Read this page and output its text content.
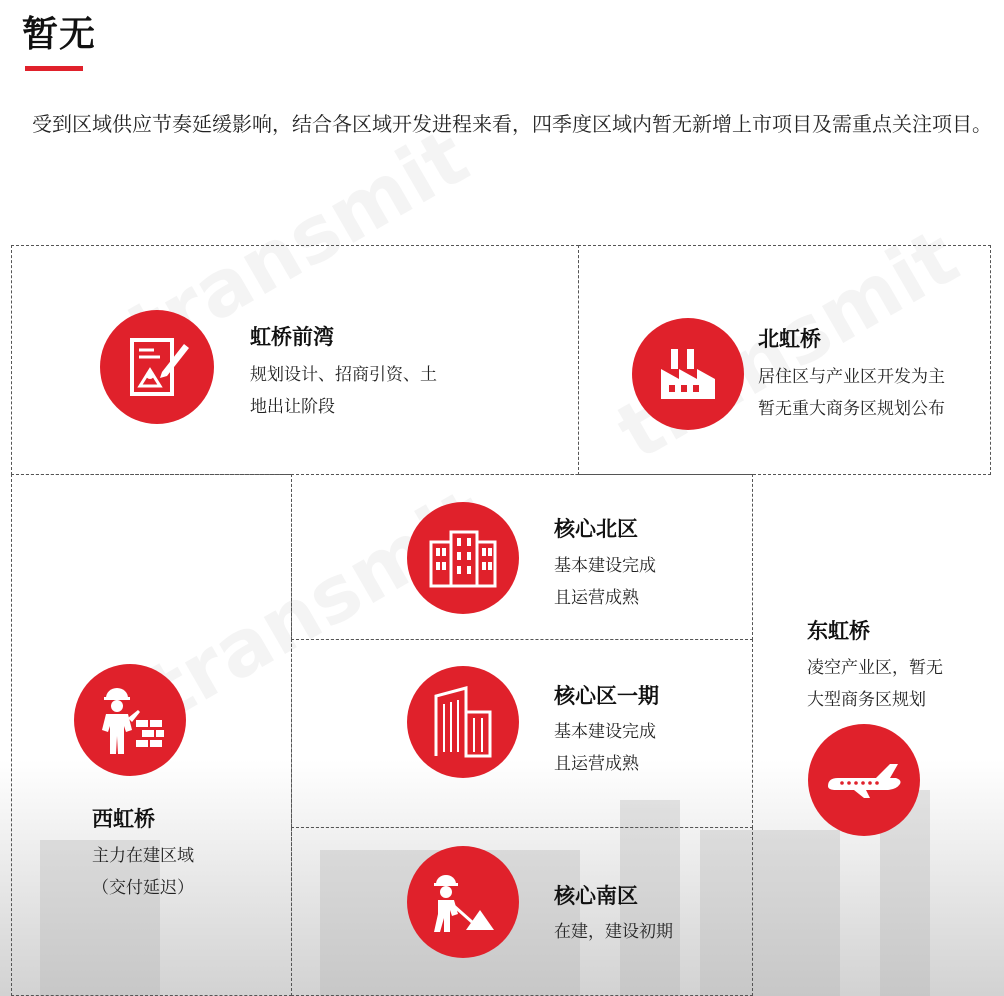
暂无
受到区域供应节奏延缓影响，结合各区域开发进程来看，四季度区域内暂无新增上市项目及需重点关注项目。
虹桥前湾
规划设计、招商引资、土
地出让阶段
北虹桥
居住区与产业区开发为主
暂无重大商务区规划公布
核心北区
基本建设完成
且运营成熟
核心区一期
基本建设完成
且运营成熟
核心南区
在建，建设初期
西虹桥
主力在建区域
（交付延迟）
东虹桥
凌空产业区，暂无
大型商务区规划
